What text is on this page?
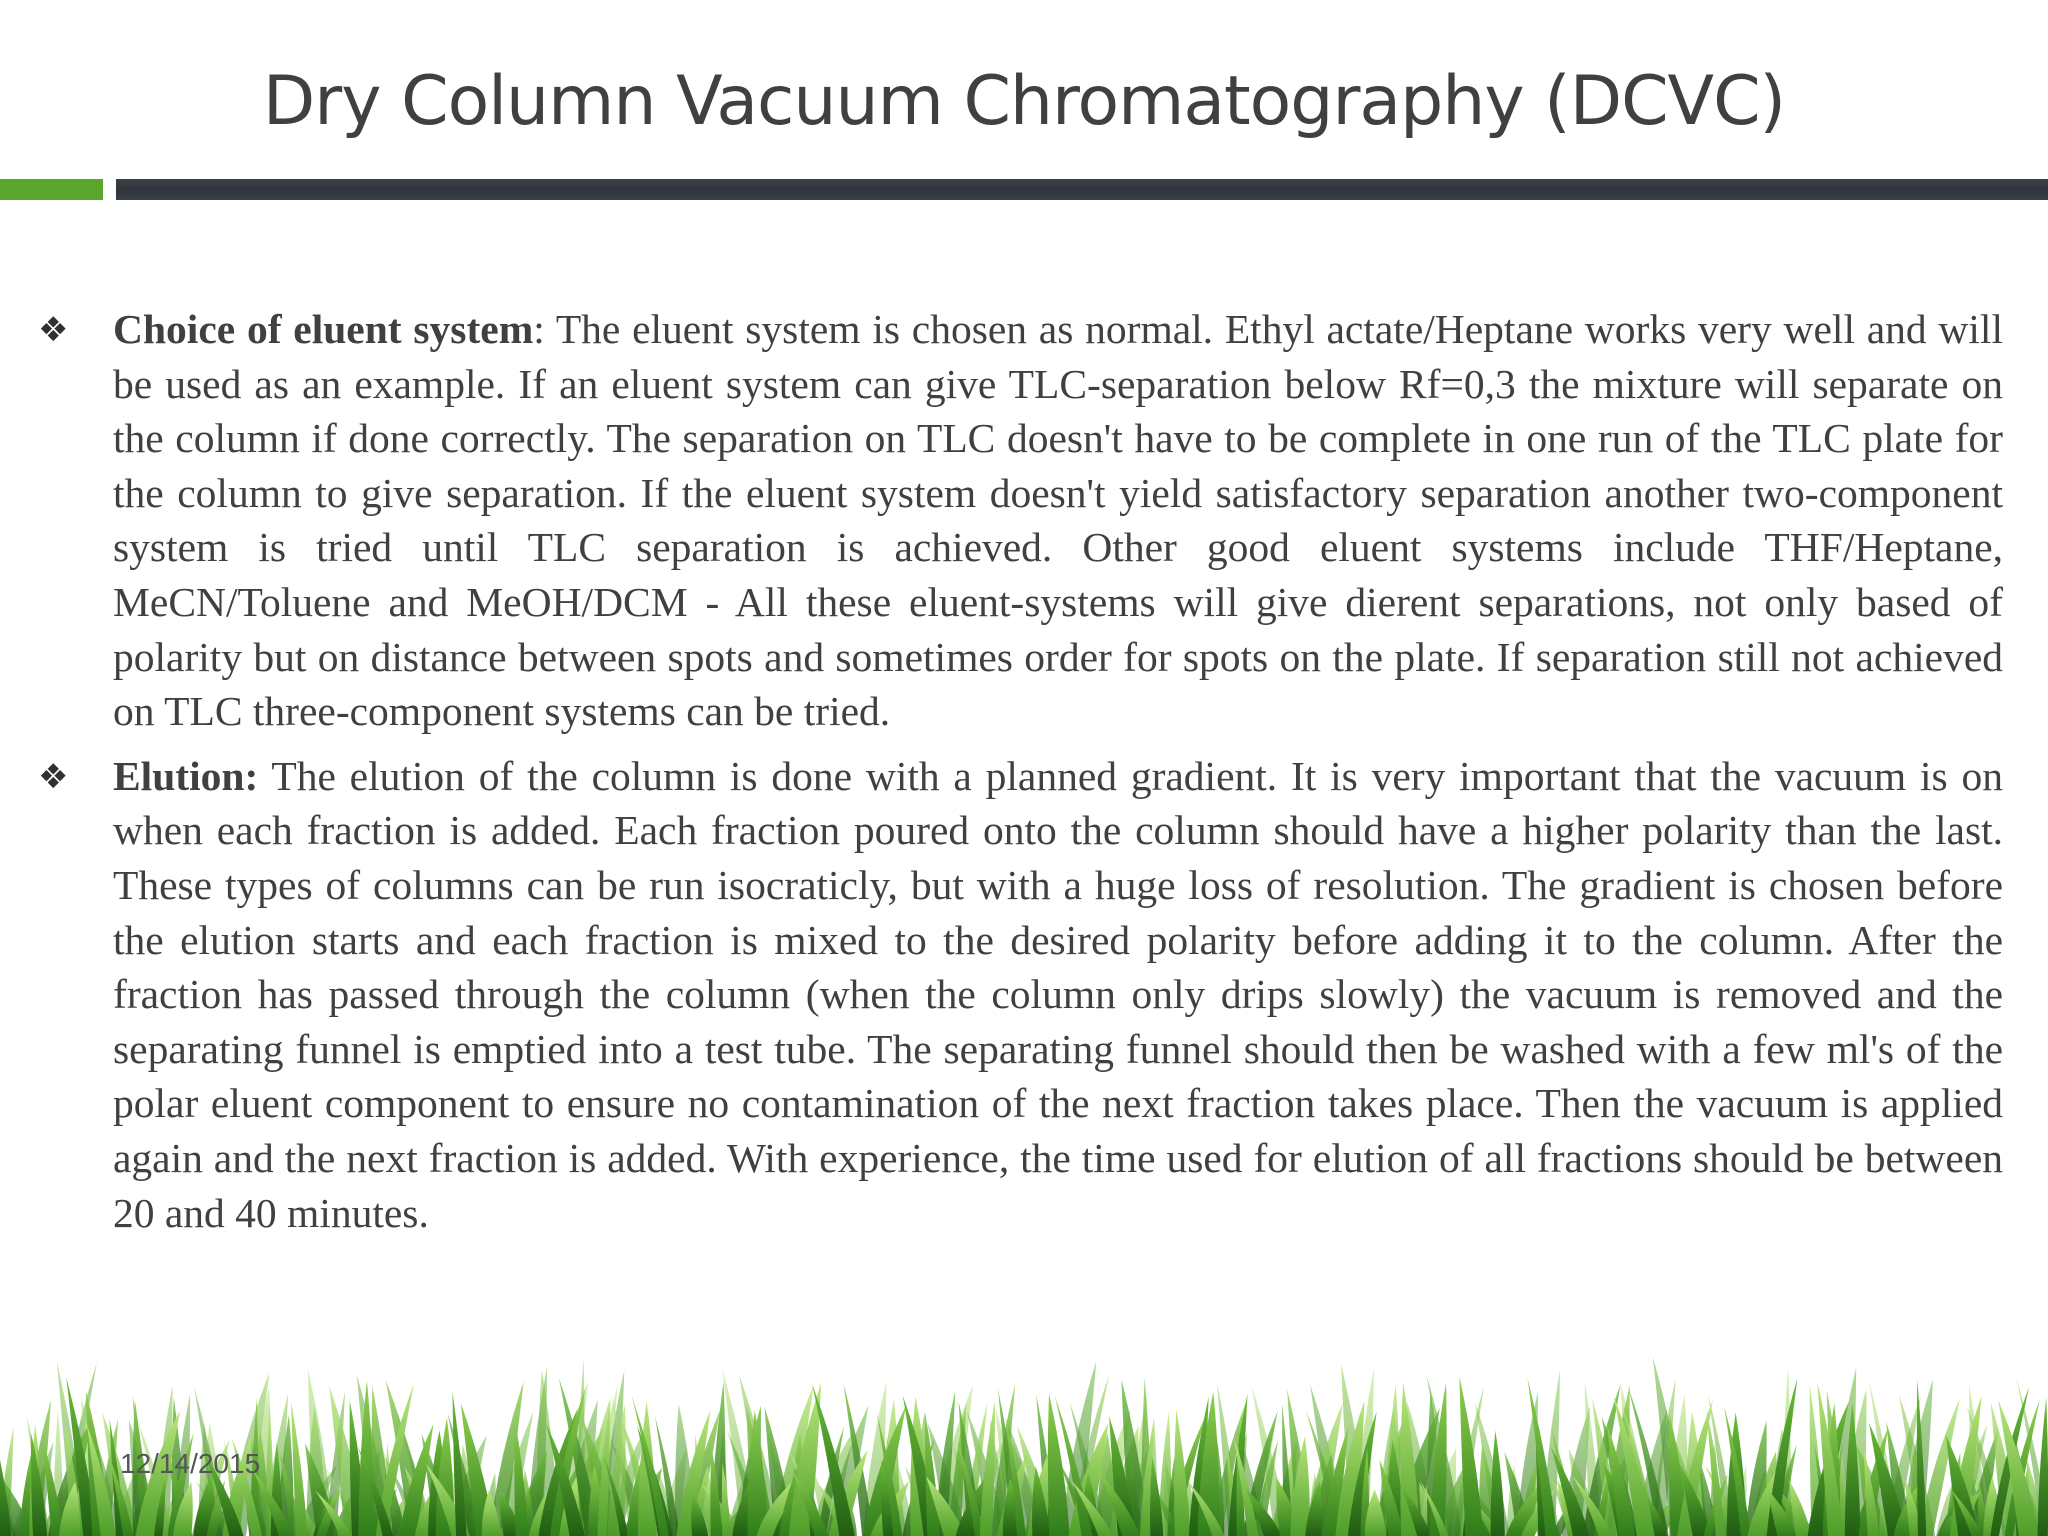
Dry Column Vacuum Chromatography (DCVC)
❖ Choice of eluent system: The eluent system is chosen as normal. Ethyl actate/Heptane works very well and will be used as an example. If an eluent system can give TLC-separation below Rf=0,3 the mixture will separate on the column if done correctly. The separation on TLC doesn't have to be complete in one run of the TLC plate for the column to give separation. If the eluent system doesn't yield satisfactory separation another two-component system is tried until TLC separation is achieved. Other good eluent systems include THF/Heptane, MeCN/Toluene and MeOH/DCM - All these eluent-systems will give dierent separations, not only based of polarity but on distance between spots and sometimes order for spots on the plate. If separation still not achieved on TLC three-component systems can be tried.

❖ Elution: The elution of the column is done with a planned gradient. It is very important that the vacuum is on when each fraction is added. Each fraction poured onto the column should have a higher polarity than the last. These types of columns can be run isocraticly, but with a huge loss of resolution. The gradient is chosen before the elution starts and each fraction is mixed to the desired polarity before adding it to the column. After the fraction has passed through the column (when the column only drips slowly) the vacuum is removed and the separating funnel is emptied into a test tube. The separating funnel should then be washed with a few ml's of the polar eluent component to ensure no contamination of the next fraction takes place. Then the vacuum is applied again and the next fraction is added. With experience, the time used for elution of all fractions should be between 20 and 40 minutes.

12/14/2015
